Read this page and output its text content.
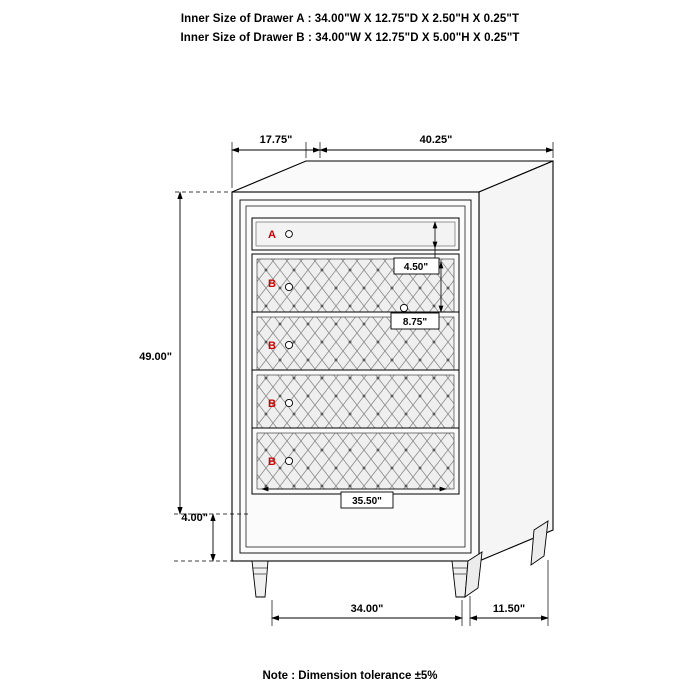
Inner Size of Drawer A : 34.00"W X 12.75"D X 2.50"H X 0.25"T
Inner Size of Drawer B : 34.00"W X 12.75"D X 5.00"H X 0.25"T
A
B
B
B
B
17.75"	40.25"
49.00"
4.00"
34.00"	11.50"
4.50"
8.75"
35.50"
Note : Dimension tolerance ±5%
